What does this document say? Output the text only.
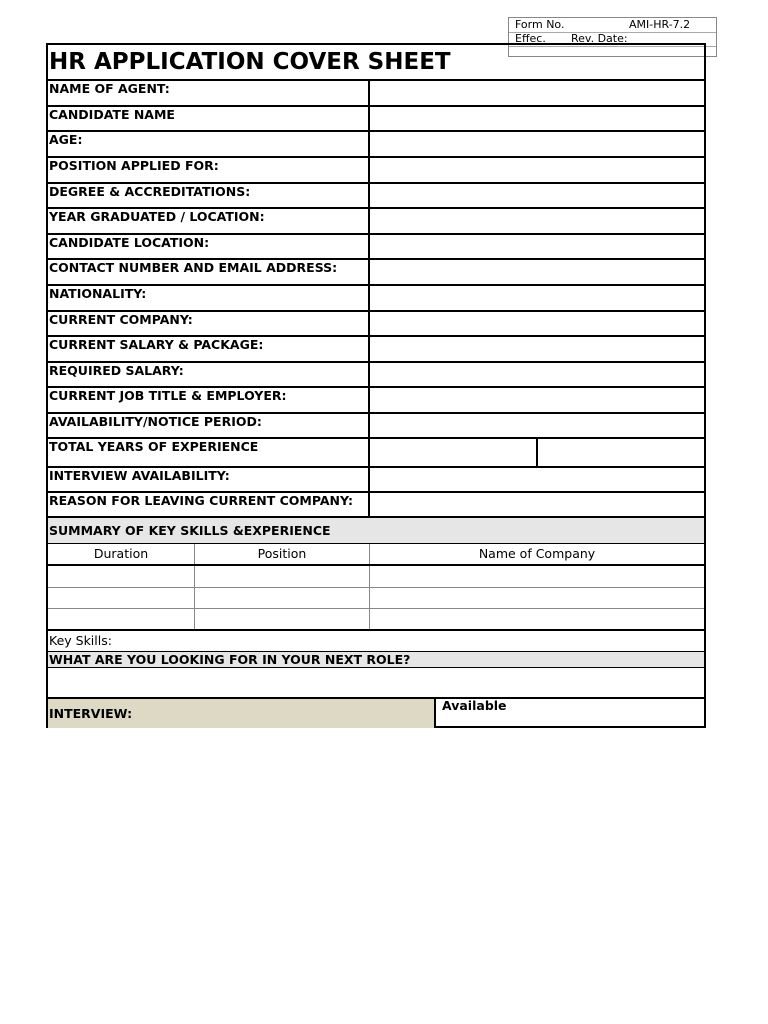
Form No.	AMI-HR-7.2
Effec. Rev. Date:
HR APPLICATION COVER SHEET
NAME OF AGENT:
CANDIDATE NAME
AGE:
POSITION APPLIED FOR:
DEGREE & ACCREDITATIONS:
YEAR GRADUATED / LOCATION:
CANDIDATE LOCATION:
CONTACT NUMBER AND EMAIL ADDRESS:
NATIONALITY:
CURRENT COMPANY:
CURRENT SALARY & PACKAGE:
REQUIRED SALARY:
CURRENT JOB TITLE & EMPLOYER:
AVAILABILITY/NOTICE PERIOD:
TOTAL YEARS OF EXPERIENCE
INTERVIEW AVAILABILITY:
REASON FOR LEAVING CURRENT COMPANY:
SUMMARY OF KEY SKILLS &EXPERIENCE
Duration	Position	Name of Company
Key Skills:
WHAT ARE YOU LOOKING FOR IN YOUR NEXT ROLE?
INTERVIEW:
Available
